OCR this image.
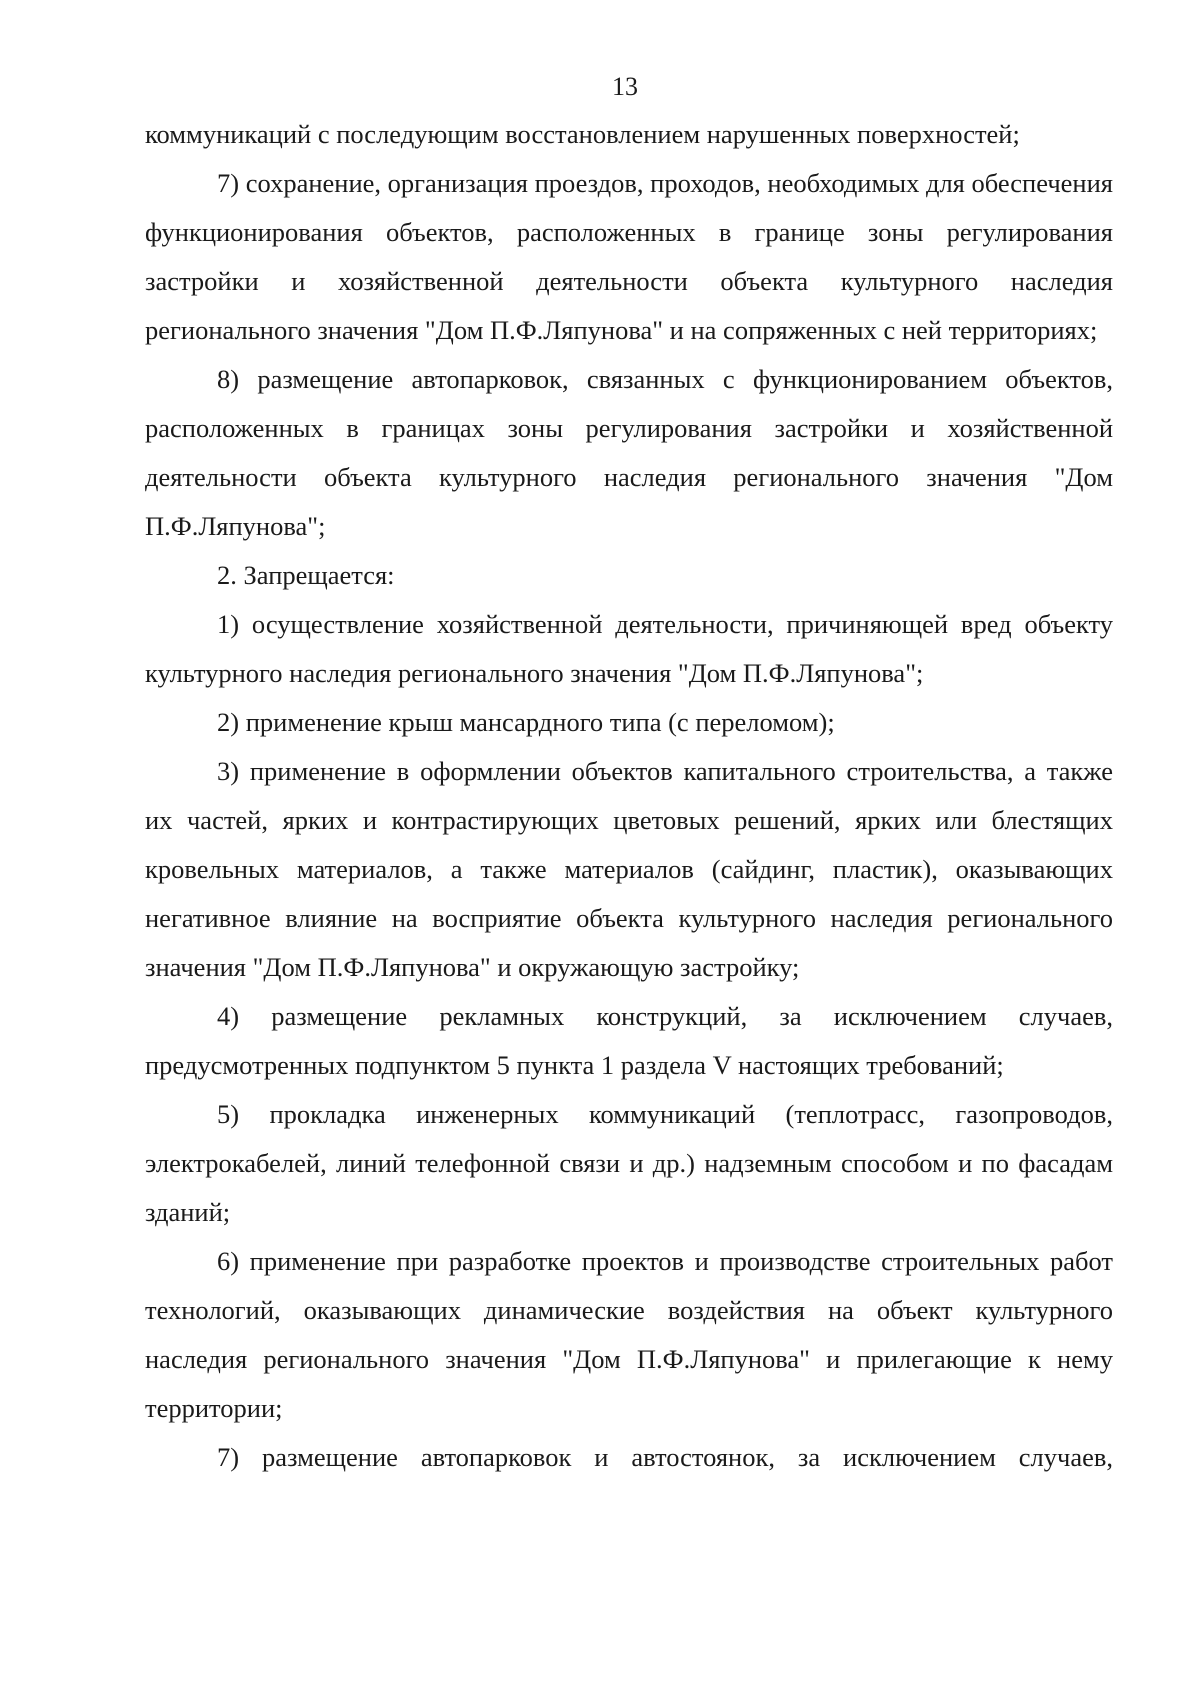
13

коммуникаций с последующим восстановлением нарушенных поверхностей;

7) сохранение, организация проездов, проходов, необходимых для обеспечения функционирования объектов, расположенных в границе зоны регулирования застройки и хозяйственной деятельности объекта культурного наследия регионального значения "Дом П.Ф.Ляпунова" и на сопряженных с ней территориях;

8) размещение автопарковок, связанных с функционированием объектов, расположенных в границах зоны регулирования застройки и хозяйственной деятельности объекта культурного наследия регионального значения "Дом П.Ф.Ляпунова";

2. Запрещается:

1) осуществление хозяйственной деятельности, причиняющей вред объекту культурного наследия регионального значения "Дом П.Ф.Ляпунова";

2) применение крыш мансардного типа (с переломом);

3) применение в оформлении объектов капитального строительства, а также их частей, ярких и контрастирующих цветовых решений, ярких или блестящих кровельных материалов, а также материалов (сайдинг, пластик), оказывающих негативное влияние на восприятие объекта культурного наследия регионального значения "Дом П.Ф.Ляпунова" и окружающую застройку;

4) размещение рекламных конструкций, за исключением случаев, предусмотренных подпунктом 5 пункта 1 раздела V настоящих требований;

5) прокладка инженерных коммуникаций (теплотрасс, газопроводов, электрокабелей, линий телефонной связи и др.) надземным способом и по фасадам зданий;

6) применение при разработке проектов и производстве строительных работ технологий, оказывающих динамические воздействия на объект культурного наследия регионального значения "Дом П.Ф.Ляпунова" и прилегающие к нему территории;

7) размещение автопарковок и автостоянок, за исключением случаев,
